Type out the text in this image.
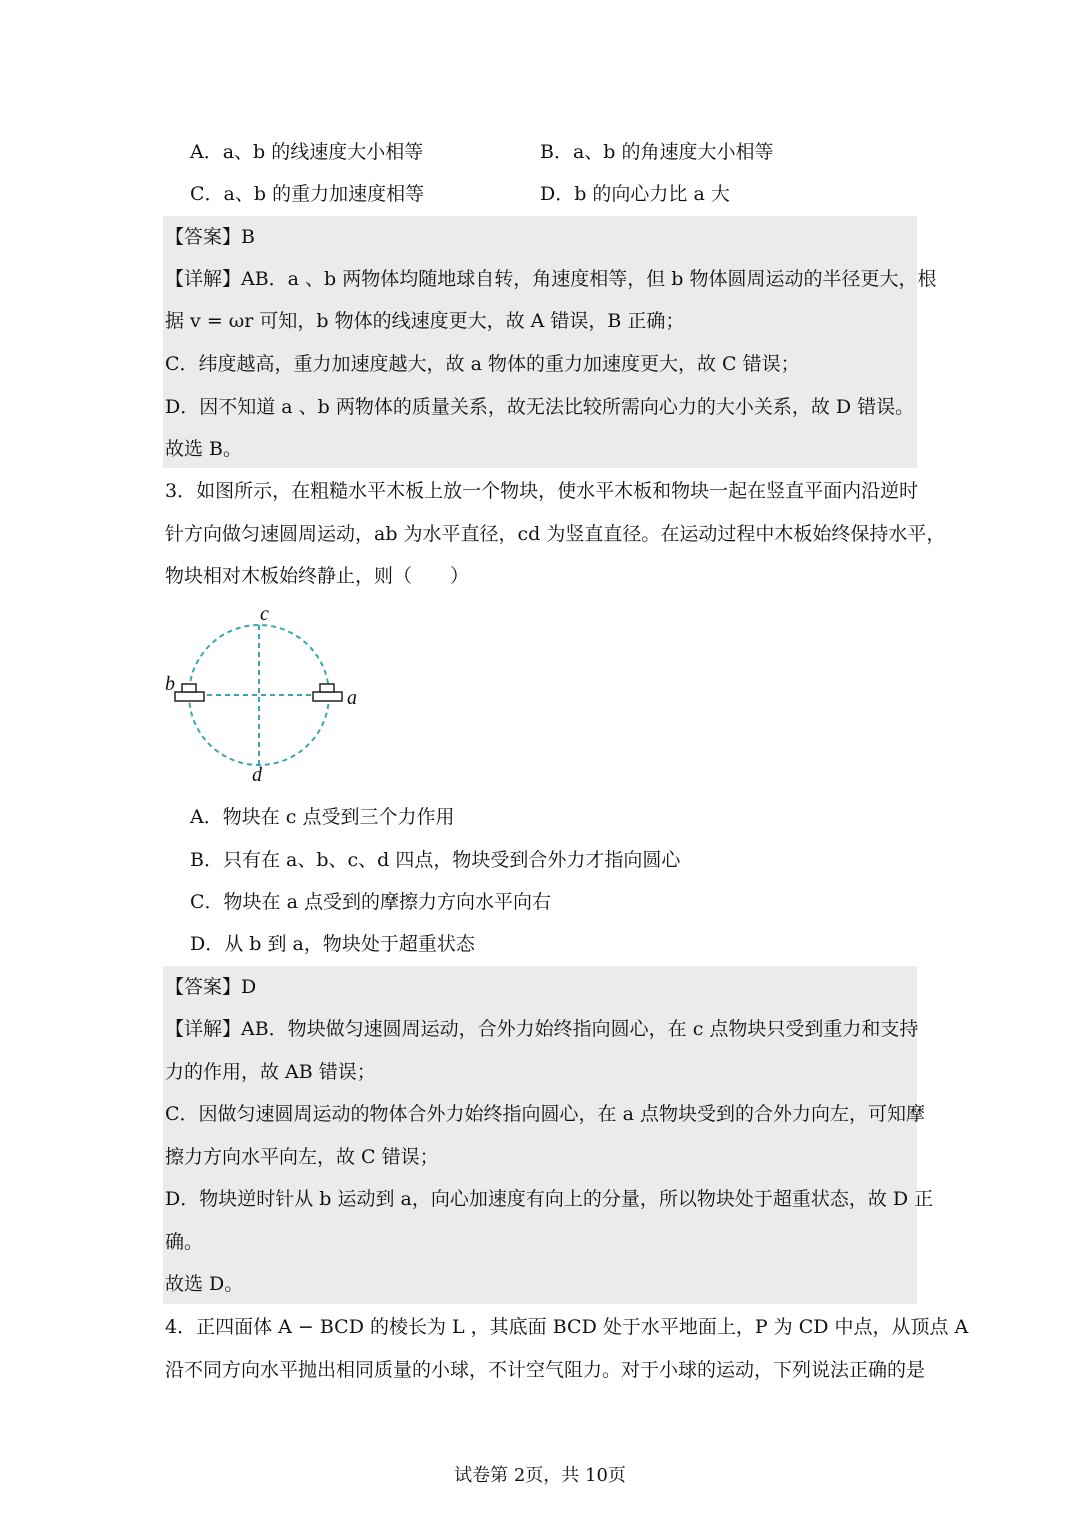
A．a、b 的线速度大小相等	B．a、b 的角速度大小相等
C．a、b 的重力加速度相等	D．b 的向心力比 a 大
【答案】B
【详解】AB．a 、b 两物体均随地球自转，角速度相等，但 b 物体圆周运动的半径更大，根
据 v = ωr 可知，b 物体的线速度更大，故 A 错误，B 正确；
C．纬度越高，重力加速度越大，故 a 物体的重力加速度更大，故 C 错误；
D．因不知道 a 、b 两物体的质量关系，故无法比较所需向心力的大小关系，故 D 错误。
故选 B。
3．如图所示，在粗糙水平木板上放一个物块，使水平木板和物块一起在竖直平面内沿逆时
针方向做匀速圆周运动，ab 为水平直径，cd 为竖直直径。在运动过程中木板始终保持水平，
物块相对木板始终静止，则（　　）
c
d
b
a
A．物块在 c 点受到三个力作用
B．只有在 a、b、c、d 四点，物块受到合外力才指向圆心
C．物块在 a 点受到的摩擦力方向水平向右
D．从 b 到 a，物块处于超重状态
【答案】D
【详解】AB．物块做匀速圆周运动，合外力始终指向圆心，在 c 点物块只受到重力和支持
力的作用，故 AB 错误；
C．因做匀速圆周运动的物体合外力始终指向圆心，在 a 点物块受到的合外力向左，可知摩
擦力方向水平向左，故 C 错误；
D．物块逆时针从 b 运动到 a，向心加速度有向上的分量，所以物块处于超重状态，故 D 正
确。
故选 D。
4．正四面体 A − BCD 的棱长为 L ，其底面 BCD 处于水平地面上，P 为 CD 中点，从顶点 A
沿不同方向水平抛出相同质量的小球，不计空气阻力。对于小球的运动，下列说法正确的是
试卷第 2页，共 10页
